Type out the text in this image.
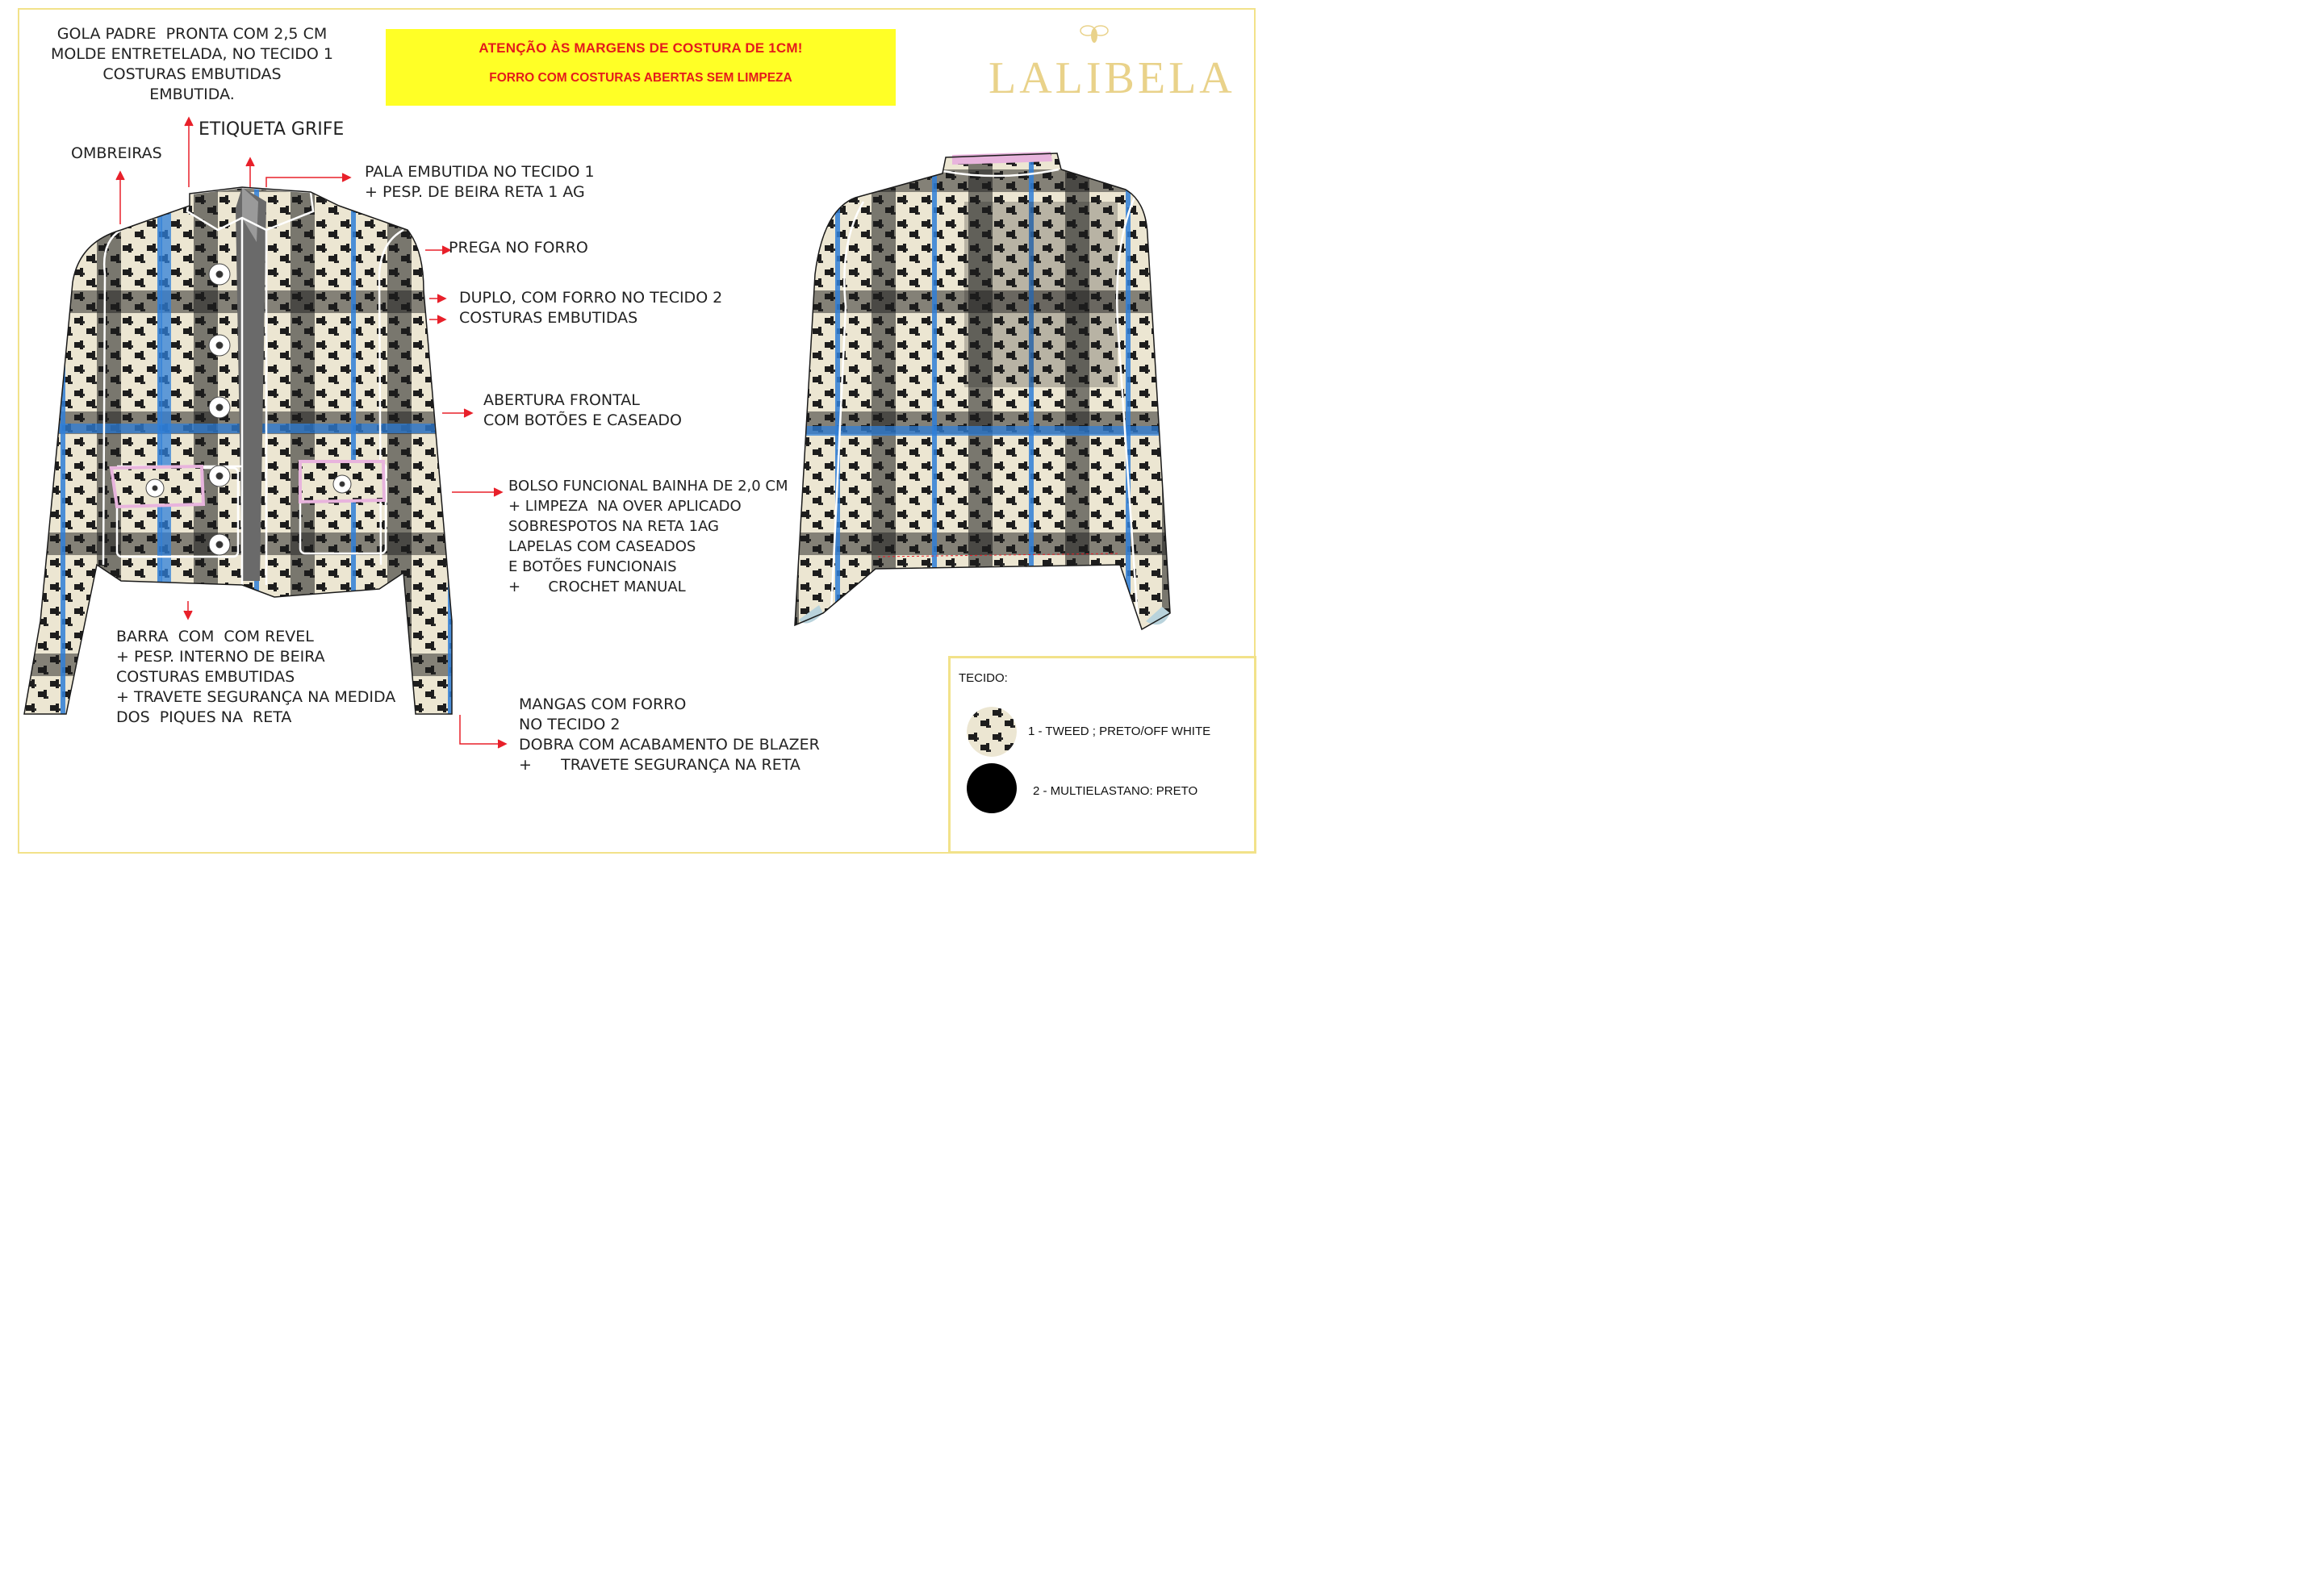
ATENÇÃO ÀS MARGENS DE COSTURA DE 1CM!
FORRO COM COSTURAS ABERTAS SEM LIMPEZA	LALIBELA
GOLA PADRE  PRONTA COM 2,5 CM
MOLDE ENTRETELADA, NO TECIDO 1
COSTURAS EMBUTIDAS
EMBUTIDA.
ETIQUETA GRIFE
OMBREIRAS
PALA EMBUTIDA NO TECIDO 1
+ PESP. DE BEIRA RETA 1 AG
PREGA NO FORRO
DUPLO, COM FORRO NO TECIDO 2
COSTURAS EMBUTIDAS
ABERTURA FRONTAL
COM BOTÕES E CASEADO
BOLSO FUNCIONAL BAINHA DE 2,0 CM
+ LIMPEZA  NA OVER APLICADO
SOBRESPOTOS NA RETA 1AG
LAPELAS COM CASEADOS
E BOTÕES FUNCIONAIS
+      CROCHET MANUAL
BARRA  COM  COM REVEL
+ PESP. INTERNO DE BEIRA
COSTURAS EMBUTIDAS
+ TRAVETE SEGURANÇA NA MEDIDA
DOS  PIQUES NA  RETA
MANGAS COM FORRO
NO TECIDO 2
DOBRA COM ACABAMENTO DE BLAZER
+      TRAVETE SEGURANÇA NA RETA
TECIDO:
1 - TWEED ; PRETO/OFF WHITE
2 - MULTIELASTANO: PRETO
